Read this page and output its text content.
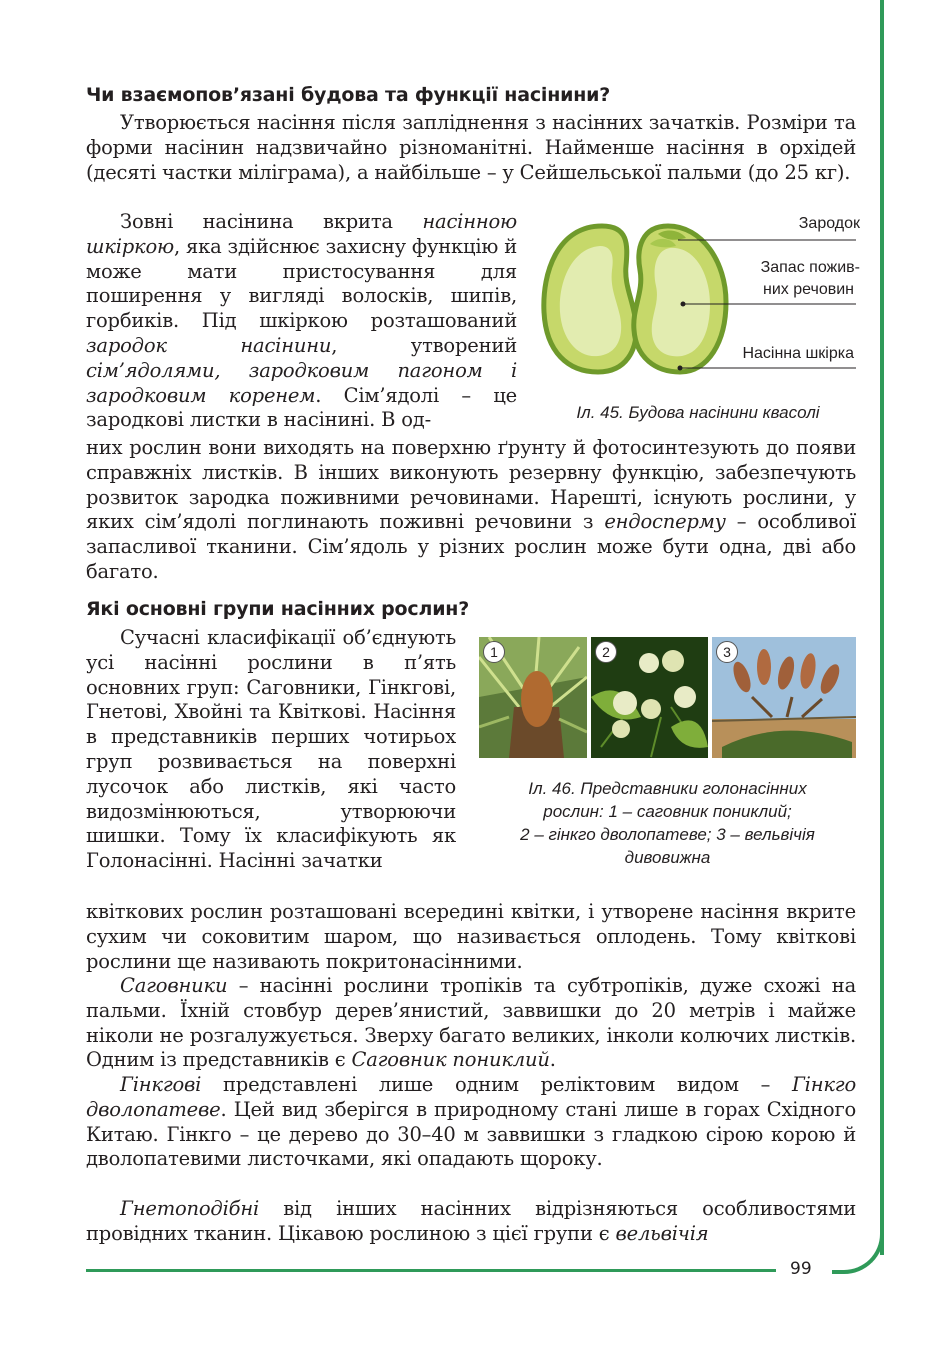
99
Чи взаємопов’язані будова та функції насінини?

Утворюється насіння після запліднення з насінних зачатків. Розміри та форми насінин надзвичайно різноманітні. Найменше насіння в орхідей (десяті частки міліграма), а найбільше – у Сейшельської пальми (до 25 кг).

Зовні насінина вкрита насінною шкіркою, яка здійснює захисну функцію й може мати пристосування для поширення у вигляді волосків, шипів, горбиків. Під шкіркою розташований зародок насінини, утворений сім’ядолями, зародковим пагоном і зародковим коренем. Сім’ядолі – це зародкові листки в насінині. В од-

них рослин вони виходять на поверхню ґрунту й фотосинтезують до появи справжніх листків. В інших виконують резервну функцію, забезпечують розвиток зародка поживними речовинами. Нарешті, існують рослини, у яких сім’ядолі поглинають поживні речовини з ендосперму – особливої запасливої тканини. Сім’ядоль у різних рослин може бути одна, дві або багато.

Зародок
Запас пожив-
них речовин
Насінна шкірка
Іл. 45. Будова насінини квасолі
Які основні групи насінних рослин?

Сучасні класифікації об’єднують усі насінні рослини в п’ять основних груп: Саговники, Гінкгові, Гнетові, Хвойні та Квіткові. Насіння в представників перших чотирьох груп розвивається на поверхні лусочок або листків, які часто видозмінюються, утворюючи шишки. Тому їх класифікують як Голонасінні. Насінні зачатки

1	2	3
Іл. 46. Представники голонасінних
рослин: 1 – саговник пониклий;
2 – гінкго дволопатеве; 3 – вельвічія
дивовижна

квіткових рослин розташовані всередині квітки, і утворене насіння вкрите сухим чи соковитим шаром, що називається оплодень. Тому квіткові рослини ще називають покритонасінними.

Саговники – насінні рослини тропіків та субтропіків, дуже схожі на пальми. Їхній стовбур дерев’янистий, заввишки до 20 метрів і майже ніколи не розгалужується. Зверху багато великих, інколи колючих листків. Одним із представників є Саговник пониклий.

Гінкгові представлені лише одним реліктовим видом – Гінкго дволопатеве. Цей вид зберігся в природному стані лише в горах Східного Китаю. Гінкго – це дерево до 30–40 м заввишки з гладкою сірою корою й дволопатевими листочками, які опадають щороку.

Гнетоподібні від інших насінних відрізняються особливостями провідних тканин. Цікавою рослиною з цієї групи є вельвічія
